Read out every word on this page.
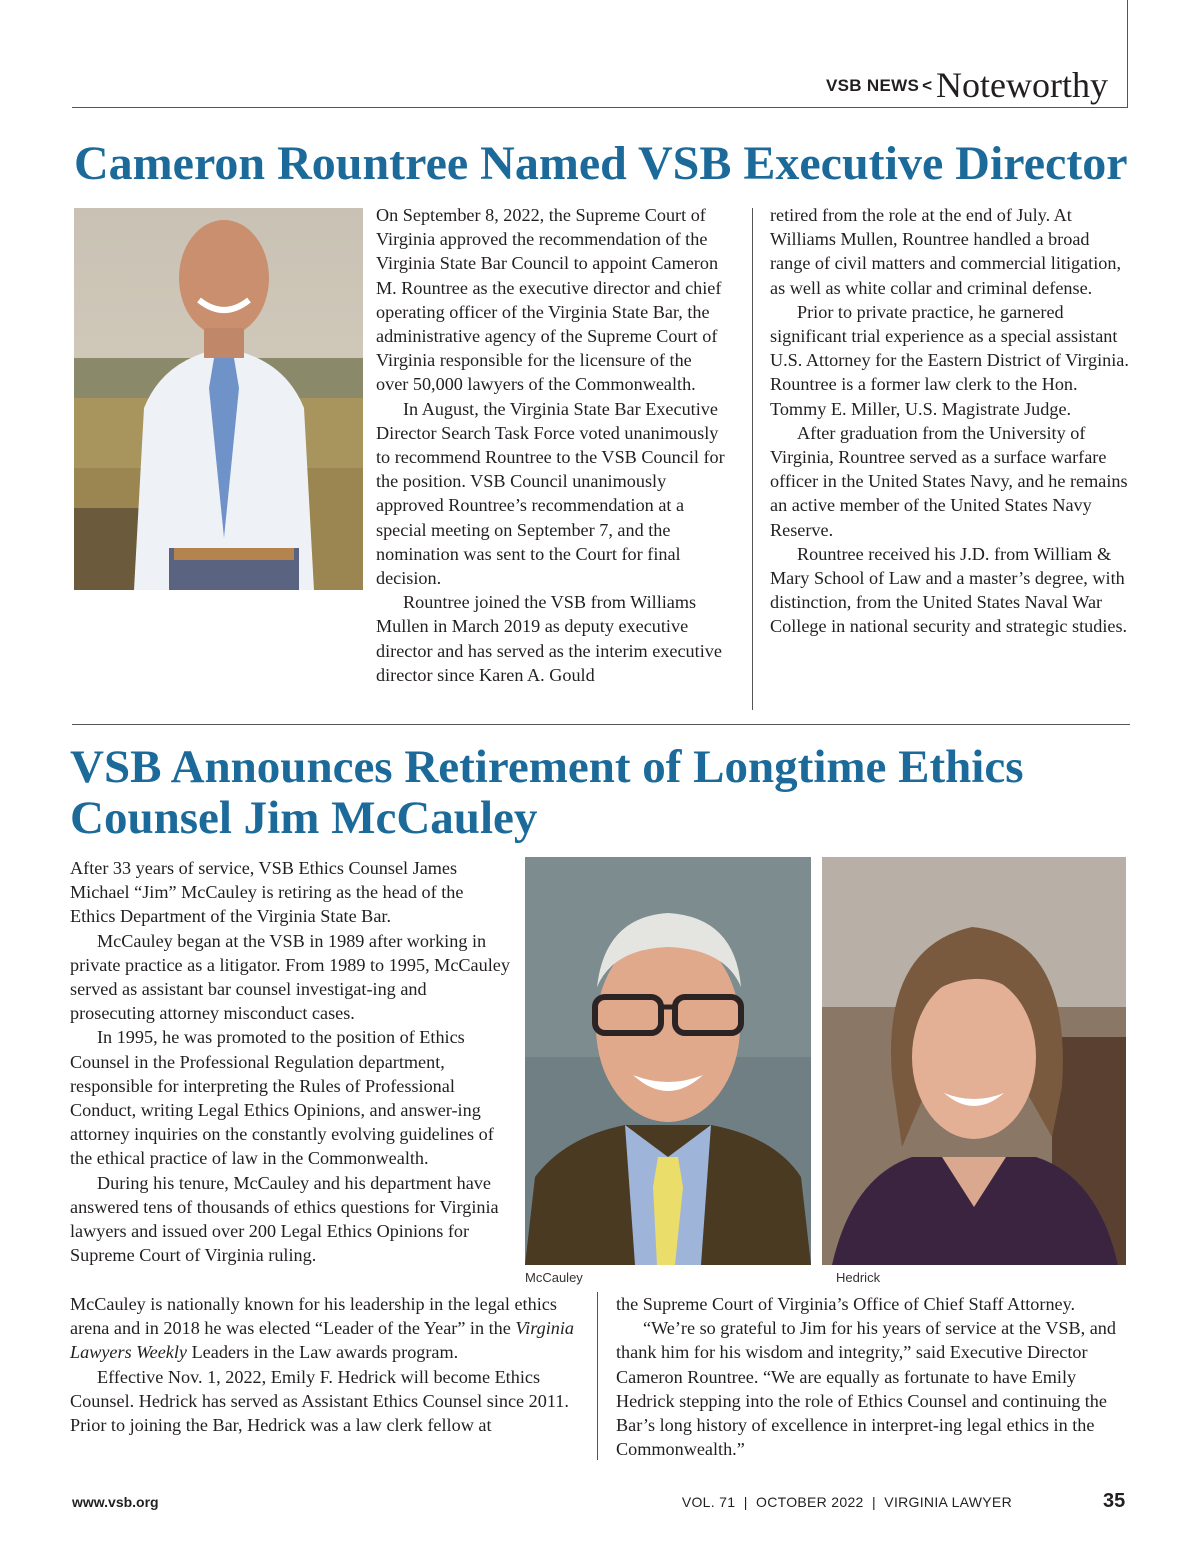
VSB NEWS < Noteworthy
Cameron Rountree Named VSB Executive Director

On September 8, 2022, the Supreme Court of Virginia approved the recommendation of the Virginia State Bar Council to appoint Cameron M. Rountree as the executive director and chief operating officer of the Virginia State Bar, the administrative agency of the Supreme Court of Virginia responsible for the licensure of the over 50,000 lawyers of the Commonwealth.

In August, the Virginia State Bar Executive Director Search Task Force voted unanimously to recommend Rountree to the VSB Council for the position. VSB Council unanimously approved Rountree’s recommendation at a special meeting on September 7, and the nomination was sent to the Court for final decision.

Rountree joined the VSB from Williams Mullen in March 2019 as deputy executive director and has served as the interim executive director since Karen A. Gould

retired from the role at the end of July. At Williams Mullen, Rountree handled a broad range of civil matters and commercial litigation, as well as white collar and criminal defense.

Prior to private practice, he garnered significant trial experience as a special assistant U.S. Attorney for the Eastern District of Virginia. Rountree is a former law clerk to the Hon. Tommy E. Miller, U.S. Magistrate Judge.

After graduation from the University of Virginia, Rountree served as a surface warfare officer in the United States Navy, and he remains an active member of the United States Navy Reserve.

Rountree received his J.D. from William & Mary School of Law and a master’s degree, with distinction, from the United States Naval War College in national security and strategic studies.

VSB Announces Retirement of Longtime Ethics Counsel Jim McCauley

After 33 years of service, VSB Ethics Counsel James Michael “Jim” McCauley is retiring as the head of the Ethics Department of the Virginia State Bar.

McCauley began at the VSB in 1989 after working in private practice as a litigator. From 1989 to 1995, McCauley served as assistant bar counsel investigat-ing and prosecuting attorney misconduct cases.

In 1995, he was promoted to the position of Ethics Counsel in the Professional Regulation department, responsible for interpreting the Rules of Professional Conduct, writing Legal Ethics Opinions, and answer-ing attorney inquiries on the constantly evolving guidelines of the ethical practice of law in the Commonwealth.

During his tenure, McCauley and his department have answered tens of thousands of ethics questions for Virginia lawyers and issued over 200 Legal Ethics Opinions for Supreme Court of Virginia ruling.

McCauley is nationally known for his leadership in the legal ethics arena and in 2018 he was elected “Leader of the Year” in the Virginia Lawyers Weekly Leaders in the Law awards program.

Effective Nov. 1, 2022, Emily F. Hedrick will become Ethics Counsel. Hedrick has served as Assistant Ethics Counsel since 2011. Prior to joining the Bar, Hedrick was a law clerk fellow at

McCauley	Hedrick

the Supreme Court of Virginia’s Office of Chief Staff Attorney.

“We’re so grateful to Jim for his years of service at the VSB, and thank him for his wisdom and integrity,” said Executive Director Cameron Rountree. “We are equally as fortunate to have Emily Hedrick stepping into the role of Ethics Counsel and continuing the Bar’s long history of excellence in interpret-ing legal ethics in the Commonwealth.”

www.vsb.org	VOL. 71  |  OCTOBER 2022  |  VIRGINIA LAWYER	35
